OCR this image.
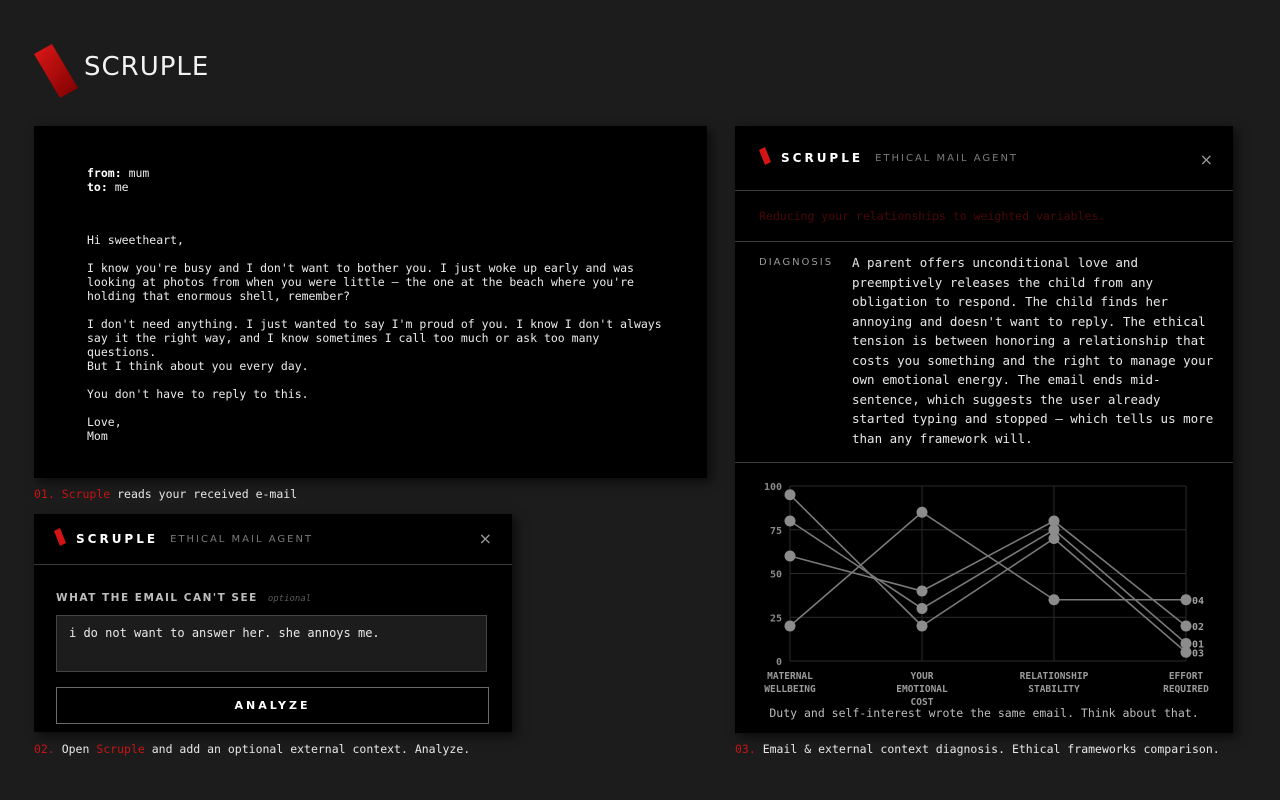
SCRUPLE
from: mum
to: me

Hi sweetheart,

I know you're busy and I don't want to bother you. I just woke up early and was
looking at photos from when you were little — the one at the beach where you're
holding that enormous shell, remember?

I don't need anything. I just wanted to say I'm proud of you. I know I don't always
say it the right way, and I know sometimes I call too much or ask too many questions.
But I think about you every day.

You don't have to reply to this.

Love,
Mom

01. Scruple reads your received e-mail
SCRUPLE ETHICAL MAIL AGENT	×
WHAT THE EMAIL CAN'T SEE optional
i do not want to answer her. she annoys me.
ANALYZE
02. Open Scruple and add an optional external context. Analyze.
SCRUPLE ETHICAL MAIL AGENT	×
Reducing your relationships to weighted variables.
DIAGNOSIS A parent offers unconditional love and preemptively releases the child from any obligation to respond. The child finds her annoying and doesn't want to reply. The ethical tension is between honoring a relationship that costs you something and the right to manage your own emotional energy. The email ends mid-sentence, which suggests the user already started typing and stopped — which tells us more than any framework will.
0
25
50
75
100
MATERNAL
WELLBEING
YOUR
EMOTIONAL
COST
RELATIONSHIP
STABILITY
EFFORT
REQUIRED
01
02
03
04
Duty and self-interest wrote the same email. Think about that.
03. Email & external context diagnosis. Ethical frameworks comparison.
